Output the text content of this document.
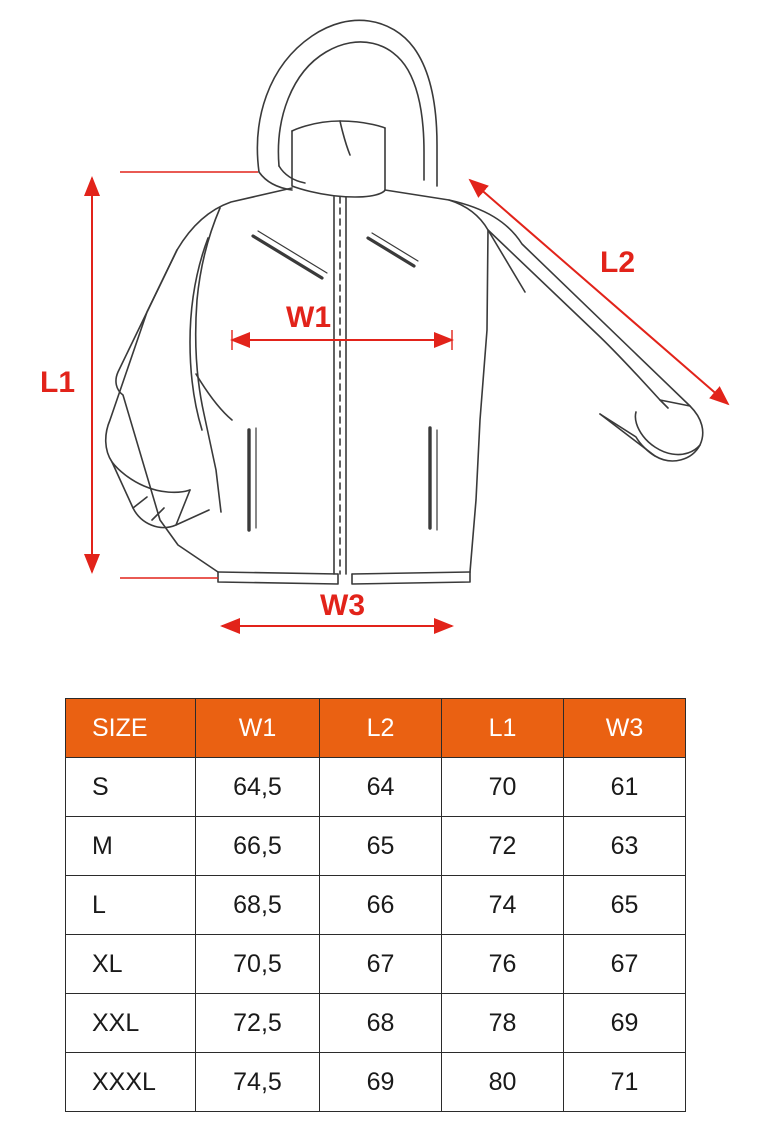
L1
W1
W3
L2
SIZE	W1	L2	L1	W3
S	64,5	64	70	61
M	66,5	65	72	63
L	68,5	66	74	65
XL	70,5	67	76	67
XXL	72,5	68	78	69
XXXL	74,5	69	80	71
